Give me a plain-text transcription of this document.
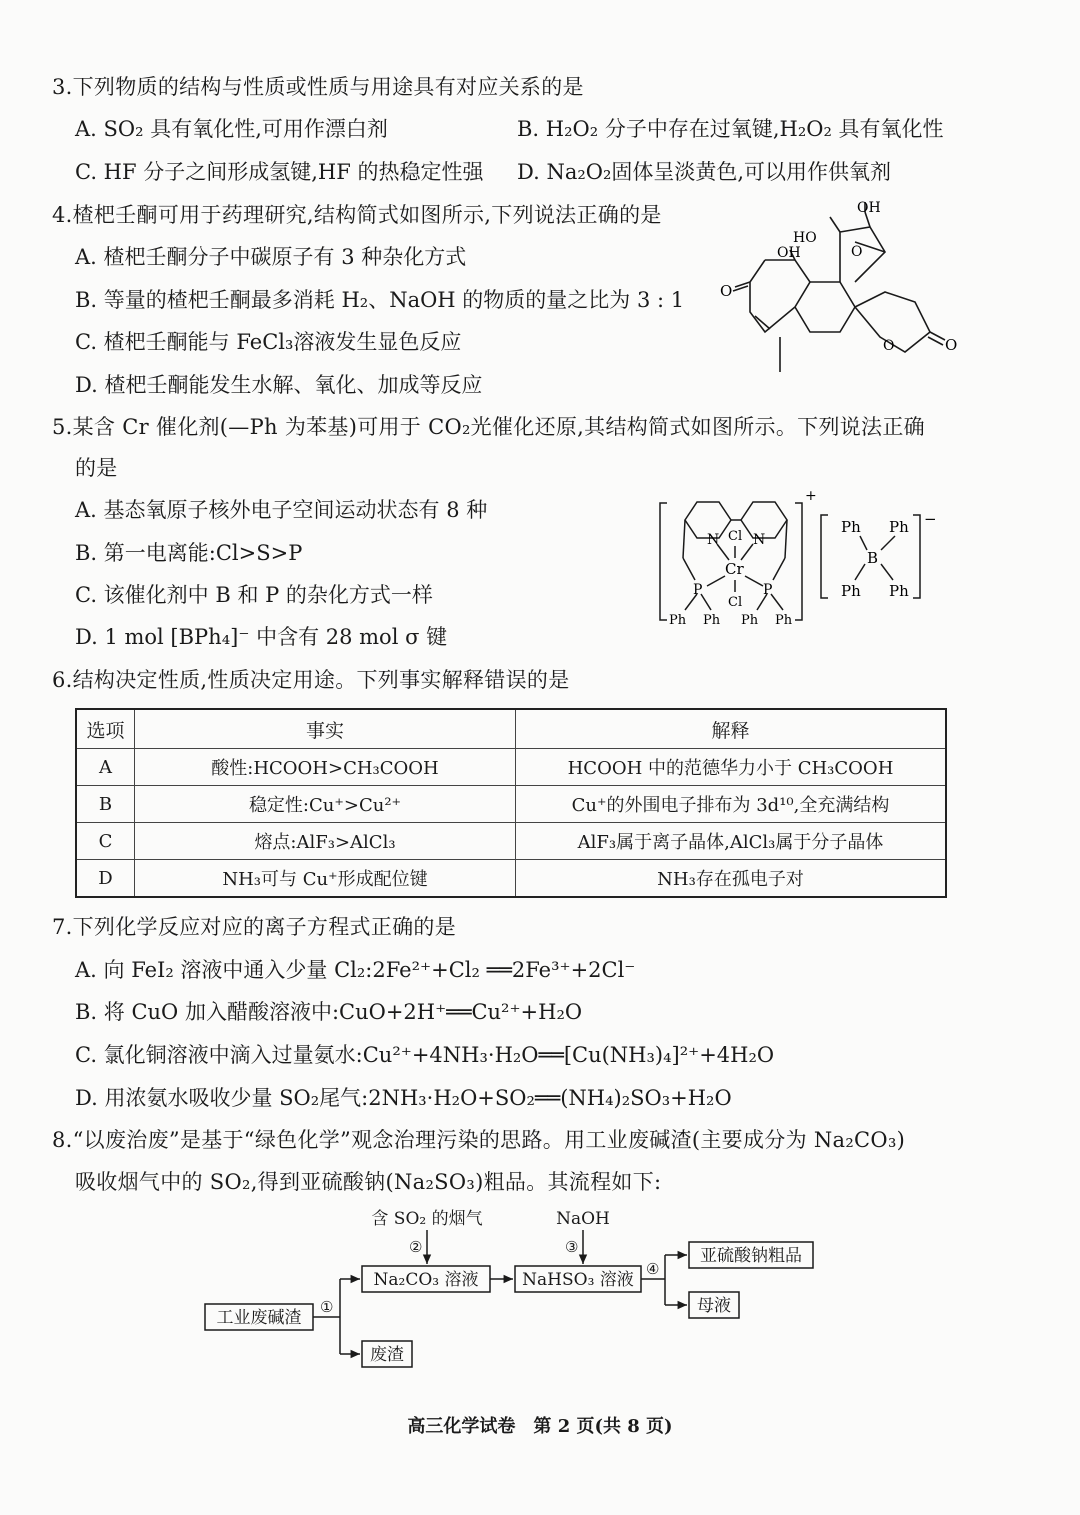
3.下列物质的结构与性质或性质与用途具有对应关系的是
A. SO₂ 具有氧化性,可用作漂白剂	B. H₂O₂ 分子中存在过氧键,H₂O₂ 具有氧化性
C. HF 分子之间形成氢键,HF 的热稳定性强 D. Na₂O₂固体呈淡黄色,可以用作供氧剂
4.楂杷壬酮可用于药理研究,结构简式如图所示,下列说法正确的是
A. 楂杷壬酮分子中碳原子有 3 种杂化方式
B. 等量的楂杷壬酮最多消耗 H₂、NaOH 的物质的量之比为 3 : 1
C. 楂杷壬酮能与 FeCl₃溶液发生显色反应
D. 楂杷壬酮能发生水解、氧化、加成等反应
OH
HO
OH	O
O
O	O
5.某含 Cr 催化剂(—Ph 为苯基)可用于 CO₂光催化还原,其结构简式如图所示。下列说法正确
的是
A. 基态氧原子核外电子空间运动状态有 8 种
B. 第一电离能:Cl>S>P
C. 该催化剂中 B 和 P 的杂化方式一样
D. 1 mol [BPh₄]⁻ 中含有 28 mol σ 键
N N
Cl
Cr
Cl
P	P
Ph Ph Ph Ph
+
Ph Ph
B
Ph Ph
−
6.结构决定性质,性质决定用途。下列事实解释错误的是
选项	事实	解释
A	酸性:HCOOH>CH₃COOH	HCOOH 中的范德华力小于 CH₃COOH
B	稳定性:Cu⁺>Cu²⁺	Cu⁺的外围电子排布为 3d¹⁰,全充满结构
C	熔点:AlF₃>AlCl₃	AlF₃属于离子晶体,AlCl₃属于分子晶体
D	NH₃可与 Cu⁺形成配位键	NH₃存在孤电子对
7.下列化学反应对应的离子方程式正确的是
A. 向 FeI₂ 溶液中通入少量 Cl₂:2Fe²⁺+Cl₂ ══2Fe³⁺+2Cl⁻
B. 将 CuO 加入醋酸溶液中:CuO+2H⁺══Cu²⁺+H₂O
C. 氯化铜溶液中滴入过量氨水:Cu²⁺+4NH₃·H₂O══[Cu(NH₃)₄]²⁺+4H₂O
D. 用浓氨水吸收少量 SO₂尾气:2NH₃·H₂O+SO₂══(NH₄)₂SO₃+H₂O
8.“以废治废”是基于“绿色化学”观念治理污染的思路。用工业废碱渣(主要成分为 Na₂CO₃)
吸收烟气中的 SO₂,得到亚硫酸钠(Na₂SO₃)粗品。其流程如下:
工业废碱渣
Na₂CO₃ 溶液	NaHSO₃ 溶液
亚硫酸钠粗品
母液
废渣
含 SO₂ 的烟气	NaOH
①
②	③
④
高三化学试卷　第 2 页(共 8 页)
